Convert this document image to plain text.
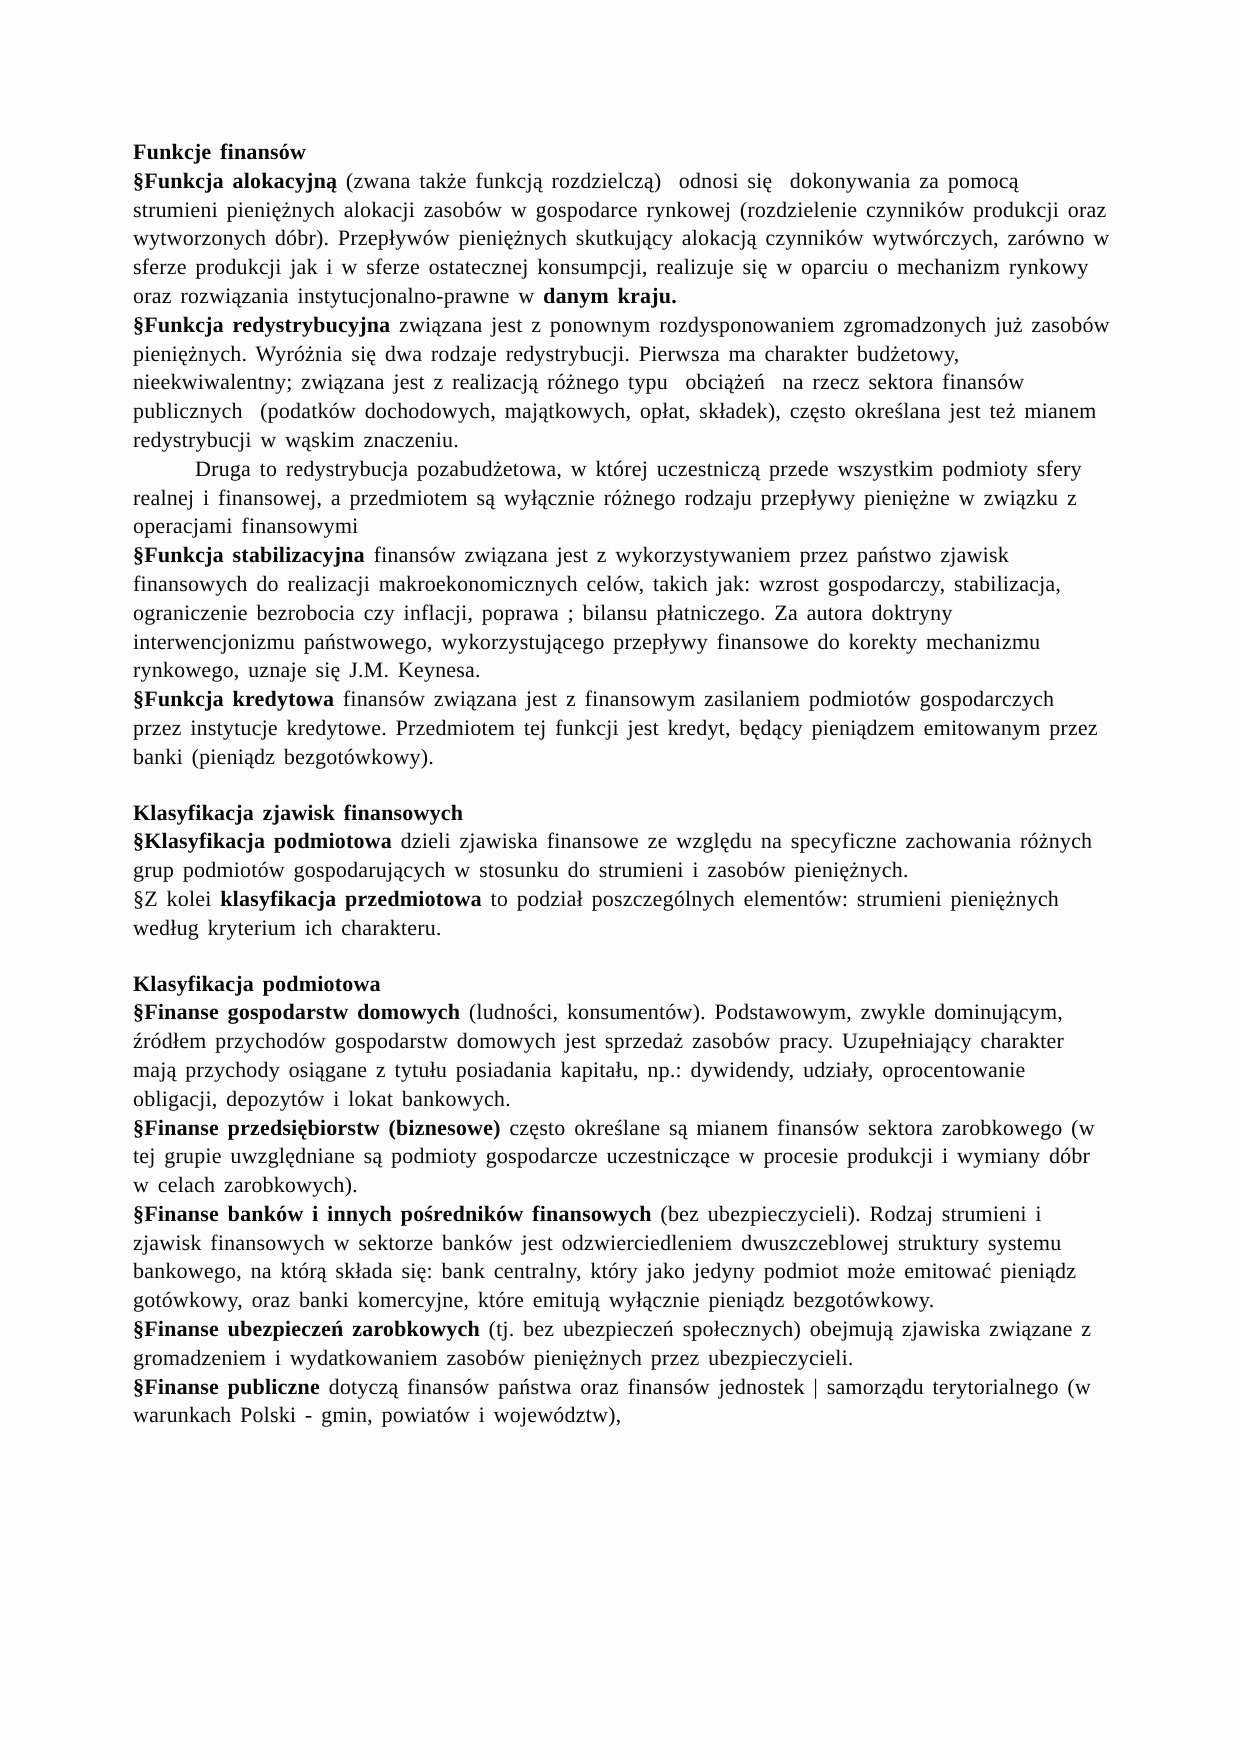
Funkcje finansów

§Funkcja alokacyjną (zwana także funkcją rozdzielczą)  odnosi się  dokonywania za pomocą strumieni pieniężnych alokacji zasobów w gospodarce rynkowej (rozdzielenie czynników produkcji oraz wytworzonych dóbr). Przepływów pieniężnych skutkujący alokacją czynników wytwórczych, zarówno w sferze produkcji jak i w sferze ostatecznej konsumpcji, realizuje się w oparciu o mechanizm rynkowy oraz rozwiązania instytucjonalno-prawne w danym kraju.

§Funkcja redystrybucyjna związana jest z ponownym rozdysponowaniem zgromadzonych już zasobów pieniężnych. Wyróżnia się dwa rodzaje redystrybucji. Pierwsza ma charakter budżetowy, nieekwiwalentny; związana jest z realizacją różnego typu  obciążeń  na rzecz sektora finansów  publicznych  (podatków dochodowych, majątkowych, opłat, składek), często określana jest też mianem redystrybucji w wąskim znaczeniu.

Druga to redystrybucja pozabudżetowa, w której uczestniczą przede wszystkim podmioty sfery realnej i finansowej, a przedmiotem są wyłącznie różnego rodzaju przepływy pieniężne w związku z operacjami finansowymi

§Funkcja stabilizacyjna finansów związana jest z wykorzystywaniem przez państwo zjawisk finansowych do realizacji makroekonomicznych celów, takich jak: wzrost gospodarczy, stabilizacja, ograniczenie bezrobocia czy inflacji, poprawa ; bilansu płatniczego. Za autora doktryny interwencjonizmu państwowego, wykorzystującego przepływy finansowe do korekty mechanizmu rynkowego, uznaje się J.M. Keynesa.

§Funkcja kredytowa finansów związana jest z finansowym zasilaniem podmiotów gospodarczych przez instytucje kredytowe. Przedmiotem tej funkcji jest kredyt, będący pieniądzem emitowanym przez banki (pieniądz bezgotówkowy).

Klasyfikacja zjawisk finansowych

§Klasyfikacja podmiotowa dzieli zjawiska finansowe ze względu na specyficzne zachowania różnych grup podmiotów gospodarujących w stosunku do strumieni i zasobów pieniężnych.

§Z kolei klasyfikacja przedmiotowa to podział poszczególnych elementów: strumieni pieniężnych według kryterium ich charakteru.

Klasyfikacja podmiotowa

§Finanse gospodarstw domowych (ludności, konsumentów). Podstawowym, zwykle dominującym, źródłem przychodów gospodarstw domowych jest sprzedaż zasobów pracy. Uzupełniający charakter mają przychody osiągane z tytułu posiadania kapitału, np.: dywidendy, udziały, oprocentowanie obligacji, depozytów i lokat bankowych.

§Finanse przedsiębiorstw (biznesowe) często określane są mianem finansów sektora zarobkowego (w tej grupie uwzględniane są podmioty gospodarcze uczestniczące w procesie produkcji i wymiany dóbr w celach zarobkowych).

§Finanse banków i innych pośredników finansowych (bez ubezpieczycieli). Rodzaj strumieni i zjawisk finansowych w sektorze banków jest odzwierciedleniem dwuszczeblowej struktury systemu bankowego, na którą składa się: bank centralny, który jako jedyny podmiot może emitować pieniądz gotówkowy, oraz banki komercyjne, które emitują wyłącznie pieniądz bezgotówkowy.

§Finanse ubezpieczeń zarobkowych (tj. bez ubezpieczeń społecznych) obejmują zjawiska związane z gromadzeniem i wydatkowaniem zasobów pieniężnych przez ubezpieczycieli.

§Finanse publiczne dotyczą finansów państwa oraz finansów jednostek | samorządu terytorialnego (w warunkach Polski - gmin, powiatów i województw),
